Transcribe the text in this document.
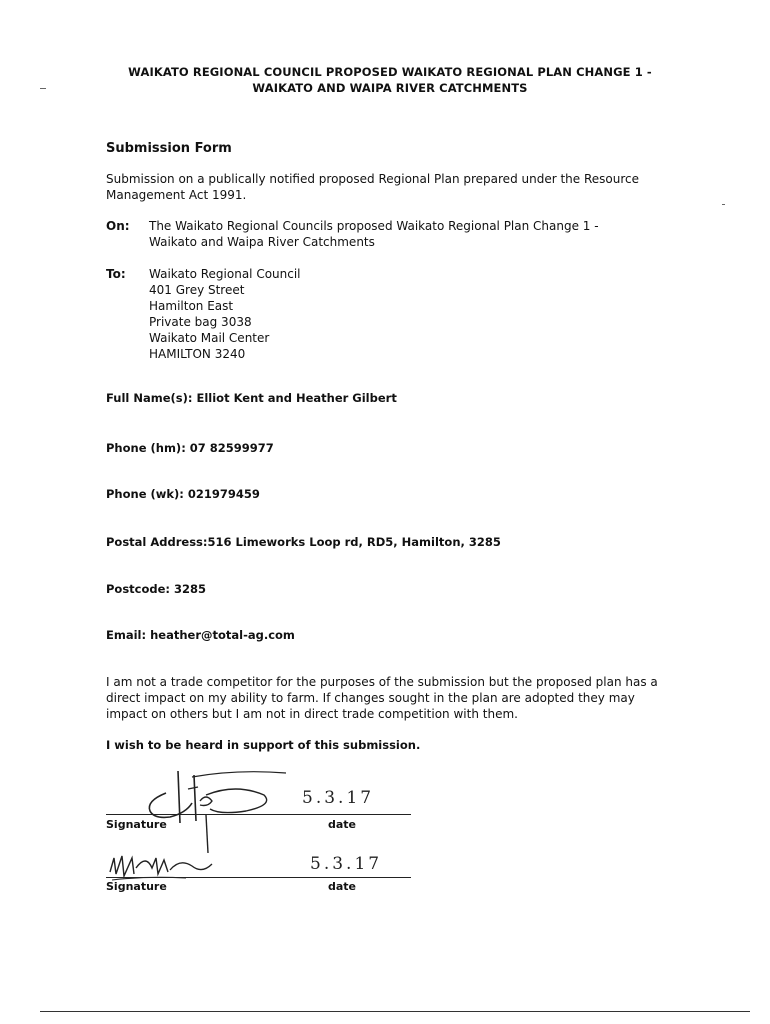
WAIKATO REGIONAL COUNCIL PROPOSED WAIKATO REGIONAL PLAN CHANGE 1 -
WAIKATO AND WAIPA RIVER CATCHMENTS
Submission Form
Submission on a publically notified proposed Regional Plan prepared under the Resource Management Act 1991.
On:	The Waikato Regional Councils proposed Waikato Regional Plan Change 1 -
Waikato and Waipa River Catchments
To:	Waikato Regional Council
401 Grey Street
Hamilton East
Private bag 3038
Waikato Mail Center
HAMILTON 3240
Full Name(s): Elliot Kent and Heather Gilbert
Phone (hm): 07 82599977
Phone (wk): 021979459
Postal Address:516 Limeworks Loop rd, RD5, Hamilton, 3285
Postcode: 3285
Email: heather@total-ag.com
I am not a trade competitor for the purposes of the submission but the proposed plan has a direct impact on my ability to farm. If changes sought in the plan are adopted they may impact on others but I am not in direct trade competition with them.
I wish to be heard in support of this submission.
5.3.17
Signature	date
5.3.17
Signature	date
